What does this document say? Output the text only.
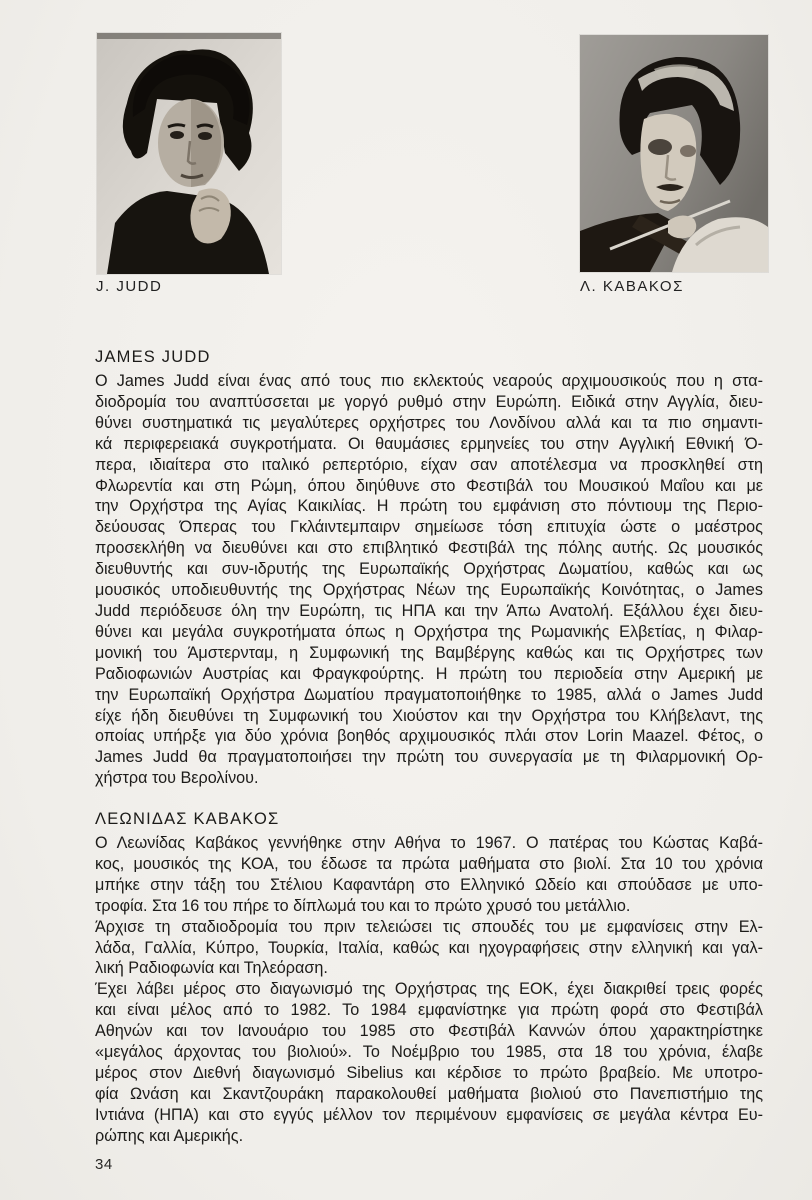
J. JUDD	Λ. ΚΑΒΑΚΟΣ
JAMES JUDD
Ο James Judd είναι ένας από τους πιο εκλεκτούς νεαρούς αρχιμουσικούς που η στα-
διοδρομία του αναπτύσσεται με γοργό ρυθμό στην Ευρώπη. Ειδικά στην Αγγλία, διευ-
θύνει συστηματικά τις μεγαλύτερες ορχήστρες του Λονδίνου αλλά και τα πιο σημαντι-
κά περιφερειακά συγκροτήματα. Οι θαυμάσιες ερμηνείες του στην Αγγλική Εθνική Ό-
περα, ιδιαίτερα στο ιταλικό ρεπερτόριο, είχαν σαν αποτέλεσμα να προσκληθεί στη
Φλωρεντία και στη Ρώμη, όπου διηύθυνε στο Φεστιβάλ του Μουσικού Μαΐου και με
την Ορχήστρα της Αγίας Καικιλίας. Η πρώτη του εμφάνιση στο πόντιουμ της Περιο-
δεύουσας Όπερας του Γκλάιντεμπαιρν σημείωσε τόση επιτυχία ώστε ο μαέστρος
προσεκλήθη να διευθύνει και στο επιβλητικό Φεστιβάλ της πόλης αυτής. Ως μουσικός
διευθυντής και συν-ιδρυτής της Ευρωπαϊκής Ορχήστρας Δωματίου, καθώς και ως
μουσικός υποδιευθυντής της Ορχήστρας Νέων της Ευρωπαϊκής Κοινότητας, ο James
Judd περιόδευσε όλη την Ευρώπη, τις ΗΠΑ και την Άπω Ανατολή. Εξάλλου έχει διευ-
θύνει και μεγάλα συγκροτήματα όπως η Ορχήστρα της Ρωμανικής Ελβετίας, η Φιλαρ-
μονική του Άμστερνταμ, η Συμφωνική της Βαμβέργης καθώς και τις Ορχήστρες των
Ραδιοφωνιών Αυστρίας και Φραγκφούρτης. Η πρώτη του περιοδεία στην Αμερική με
την Ευρωπαϊκή Ορχήστρα Δωματίου πραγματοποιήθηκε το 1985, αλλά ο James Judd
είχε ήδη διευθύνει τη Συμφωνική του Χιούστον και την Ορχήστρα του Κλήβελαντ, της
οποίας υπήρξε για δύο χρόνια βοηθός αρχιμουσικός πλάι στον Lorin Maazel. Φέτος, ο
James Judd θα πραγματοποιήσει την πρώτη του συνεργασία με τη Φιλαρμονική Ορ-
χήστρα του Βερολίνου.
ΛΕΩΝΙΔΑΣ ΚΑΒΑΚΟΣ
Ο Λεωνίδας Καβάκος γεννήθηκε στην Αθήνα το 1967. Ο πατέρας του Κώστας Καβά-
κος, μουσικός της ΚΟΑ, του έδωσε τα πρώτα μαθήματα στο βιολί. Στα 10 του χρόνια
μπήκε στην τάξη του Στέλιου Καφαντάρη στο Ελληνικό Ωδείο και σπούδασε με υπο-
τροφία. Στα 16 του πήρε το δίπλωμά του και το πρώτο χρυσό του μετάλλιο.
Άρχισε τη σταδιοδρομία του πριν τελειώσει τις σπουδές του με εμφανίσεις στην Ελ-
λάδα, Γαλλία, Κύπρο, Τουρκία, Ιταλία, καθώς και ηχογραφήσεις στην ελληνική και γαλ-
λική Ραδιοφωνία και Τηλεόραση.
Έχει λάβει μέρος στο διαγωνισμό της Ορχήστρας της ΕΟΚ, έχει διακριθεί τρεις φορές
και είναι μέλος από το 1982. Το 1984 εμφανίστηκε για πρώτη φορά στο Φεστιβάλ
Αθηνών και τον Ιανουάριο του 1985 στο Φεστιβάλ Καννών όπου χαρακτηρίστηκε
«μεγάλος άρχοντας του βιολιού». Το Νοέμβριο του 1985, στα 18 του χρόνια, έλαβε
μέρος στον Διεθνή διαγωνισμό Sibelius και κέρδισε το πρώτο βραβείο. Με υποτρο-
φία Ωνάση και Σκαντζουράκη παρακολουθεί μαθήματα βιολιού στο Πανεπιστήμιο της
Ιντιάνα (ΗΠΑ) και στο εγγύς μέλλον τον περιμένουν εμφανίσεις σε μεγάλα κέντρα Ευ-
ρώπης και Αμερικής.
34
